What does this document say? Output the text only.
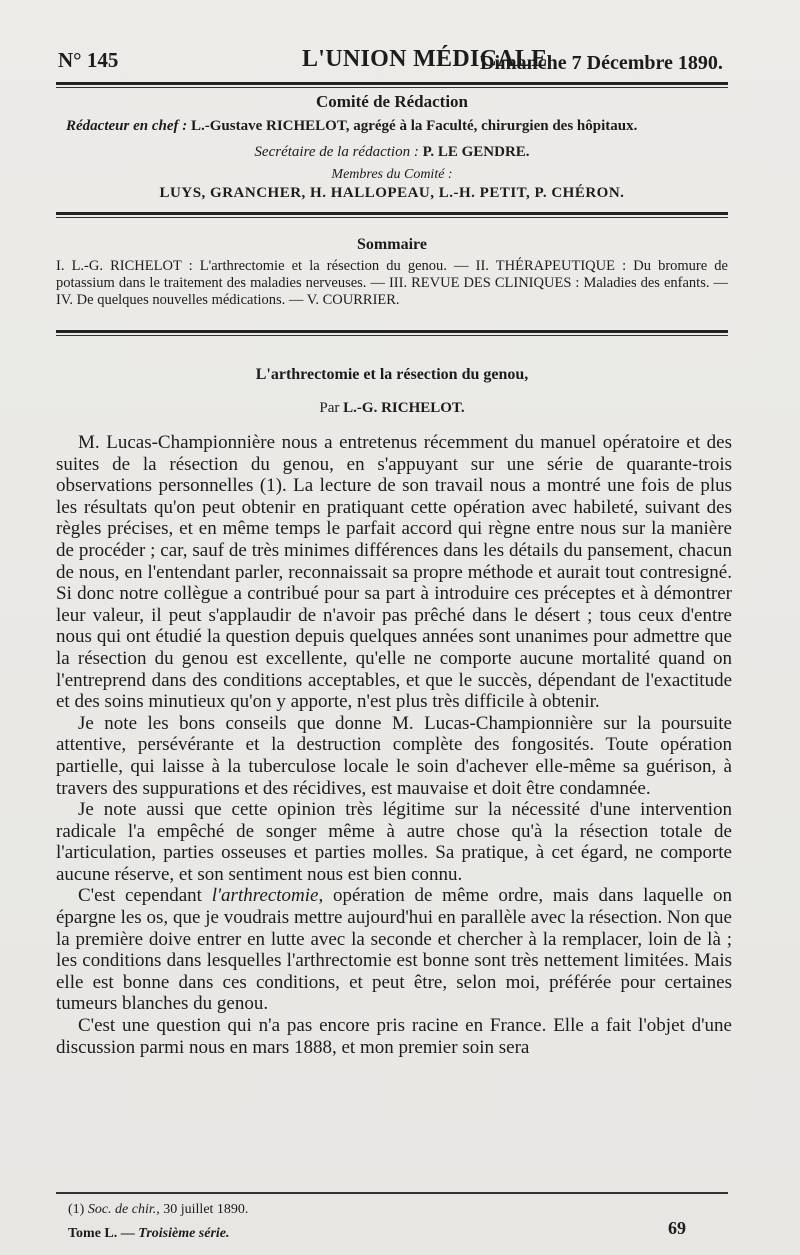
N° 145	L'UNION MÉDICALE
Dimanche 7 Décembre 1890.
Comité de Rédaction
Rédacteur en chef : L.-Gustave RICHELOT, agrégé à la Faculté, chirurgien des hôpitaux.
Secrétaire de la rédaction : P. LE GENDRE.
Membres du Comité :
LUYS, GRANCHER, H. HALLOPEAU, L.-H. PETIT, P. CHÉRON.
Sommaire
I. L.-G. RICHELOT : L'arthrectomie et la résection du genou. — II. THÉRAPEUTIQUE : Du bromure de potassium dans le traitement des maladies nerveuses. — III. REVUE DES CLINIQUES : Maladies des enfants. — IV. De quelques nouvelles médications. — V. COURRIER.
L'arthrectomie et la résection du genou,
Par L.-G. RICHELOT.

M. Lucas-Championnière nous a entretenus récemment du manuel opératoire et des suites de la résection du genou, en s'appuyant sur une série de quarante-trois observations personnelles (1). La lecture de son travail nous a montré une fois de plus les résultats qu'on peut obtenir en pratiquant cette opération avec habileté, suivant des règles précises, et en même temps le parfait accord qui règne entre nous sur la manière de procéder ; car, sauf de très minimes différences dans les détails du pansement, chacun de nous, en l'entendant parler, reconnaissait sa propre méthode et aurait tout contresigné. Si donc notre collègue a contribué pour sa part à introduire ces préceptes et à démontrer leur valeur, il peut s'applaudir de n'avoir pas prêché dans le désert ; tous ceux d'entre nous qui ont étudié la question depuis quelques années sont unanimes pour admettre que la résection du genou est excellente, qu'elle ne comporte aucune mortalité quand on l'entreprend dans des conditions acceptables, et que le succès, dépendant de l'exactitude et des soins minutieux qu'on y apporte, n'est plus très difficile à obtenir.

Je note les bons conseils que donne M. Lucas-Championnière sur la poursuite attentive, persévérante et la destruction complète des fongosités. Toute opération partielle, qui laisse à la tuberculose locale le soin d'achever elle-même sa guérison, à travers des suppurations et des récidives, est mauvaise et doit être condamnée.

Je note aussi que cette opinion très légitime sur la nécessité d'une intervention radicale l'a empêché de songer même à autre chose qu'à la résection totale de l'articulation, parties osseuses et parties molles. Sa pratique, à cet égard, ne comporte aucune réserve, et son sentiment nous est bien connu.

C'est cependant l'arthrectomie, opération de même ordre, mais dans laquelle on épargne les os, que je voudrais mettre aujourd'hui en parallèle avec la résection. Non que la première doive entrer en lutte avec la seconde et chercher à la remplacer, loin de là ; les conditions dans lesquelles l'arthrectomie est bonne sont très nettement limitées. Mais elle est bonne dans ces conditions, et peut être, selon moi, préférée pour certaines tumeurs blanches du genou.

C'est une question qui n'a pas encore pris racine en France. Elle a fait l'objet d'une discussion parmi nous en mars 1888, et mon premier soin sera

(1) Soc. de chir., 30 juillet 1890.
Tome L. — Troisième série.	69
